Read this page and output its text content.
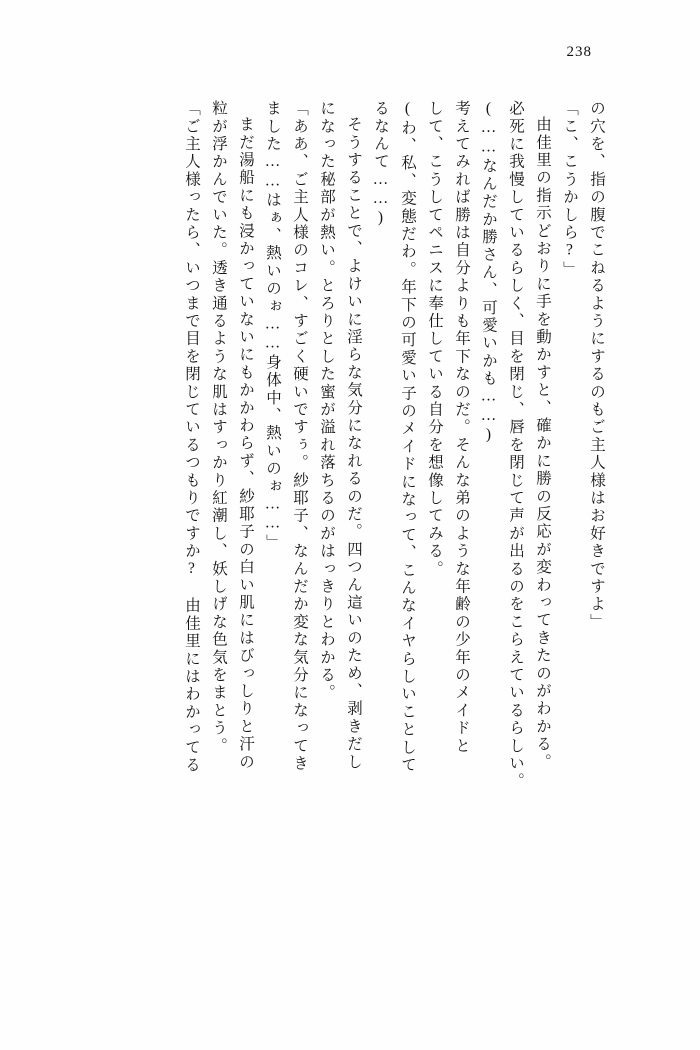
238
の穴を、指の腹でこねるようにするのもご主人様はお好きですよ」
「こ、こうかしら?」
由佳里の指示どおりに手を動かすと、確かに勝の反応が変わってきたのがわかる。
必死に我慢しているらしく、目を閉じ、唇を閉じて声が出るのをこらえているらしい。
(……なんだか勝さん、可愛いかも……)
考えてみれば勝は自分よりも年下なのだ。そんな弟のような年齢の少年のメイドと
して、こうしてペニスに奉仕している自分を想像してみる。
(わ、私、変態だわ。年下の可愛い子のメイドになって、こんなイヤらしいことして
るなんて……)
そうすることで、よけいに淫らな気分になれるのだ。四つん這いのため、剥きだし
になった秘部が熱い。とろりとした蜜が溢れ落ちるのがはっきりとわかる。
「ああ、ご主人様のコレ、すごく硬いですぅ。紗耶子、なんだか変な気分になってき
ました……はぁ、熱いのぉ……身体中、熱いのぉ……」
まだ湯船にも浸かっていないにもかかわらず、紗耶子の白い肌にはびっしりと汗の
粒が浮かんでいた。透き通るような肌はすっかり紅潮し、妖しげな色気をまとう。
「ご主人様ったら、いつまで目を閉じているつもりですか?　由佳里にはわかってる
